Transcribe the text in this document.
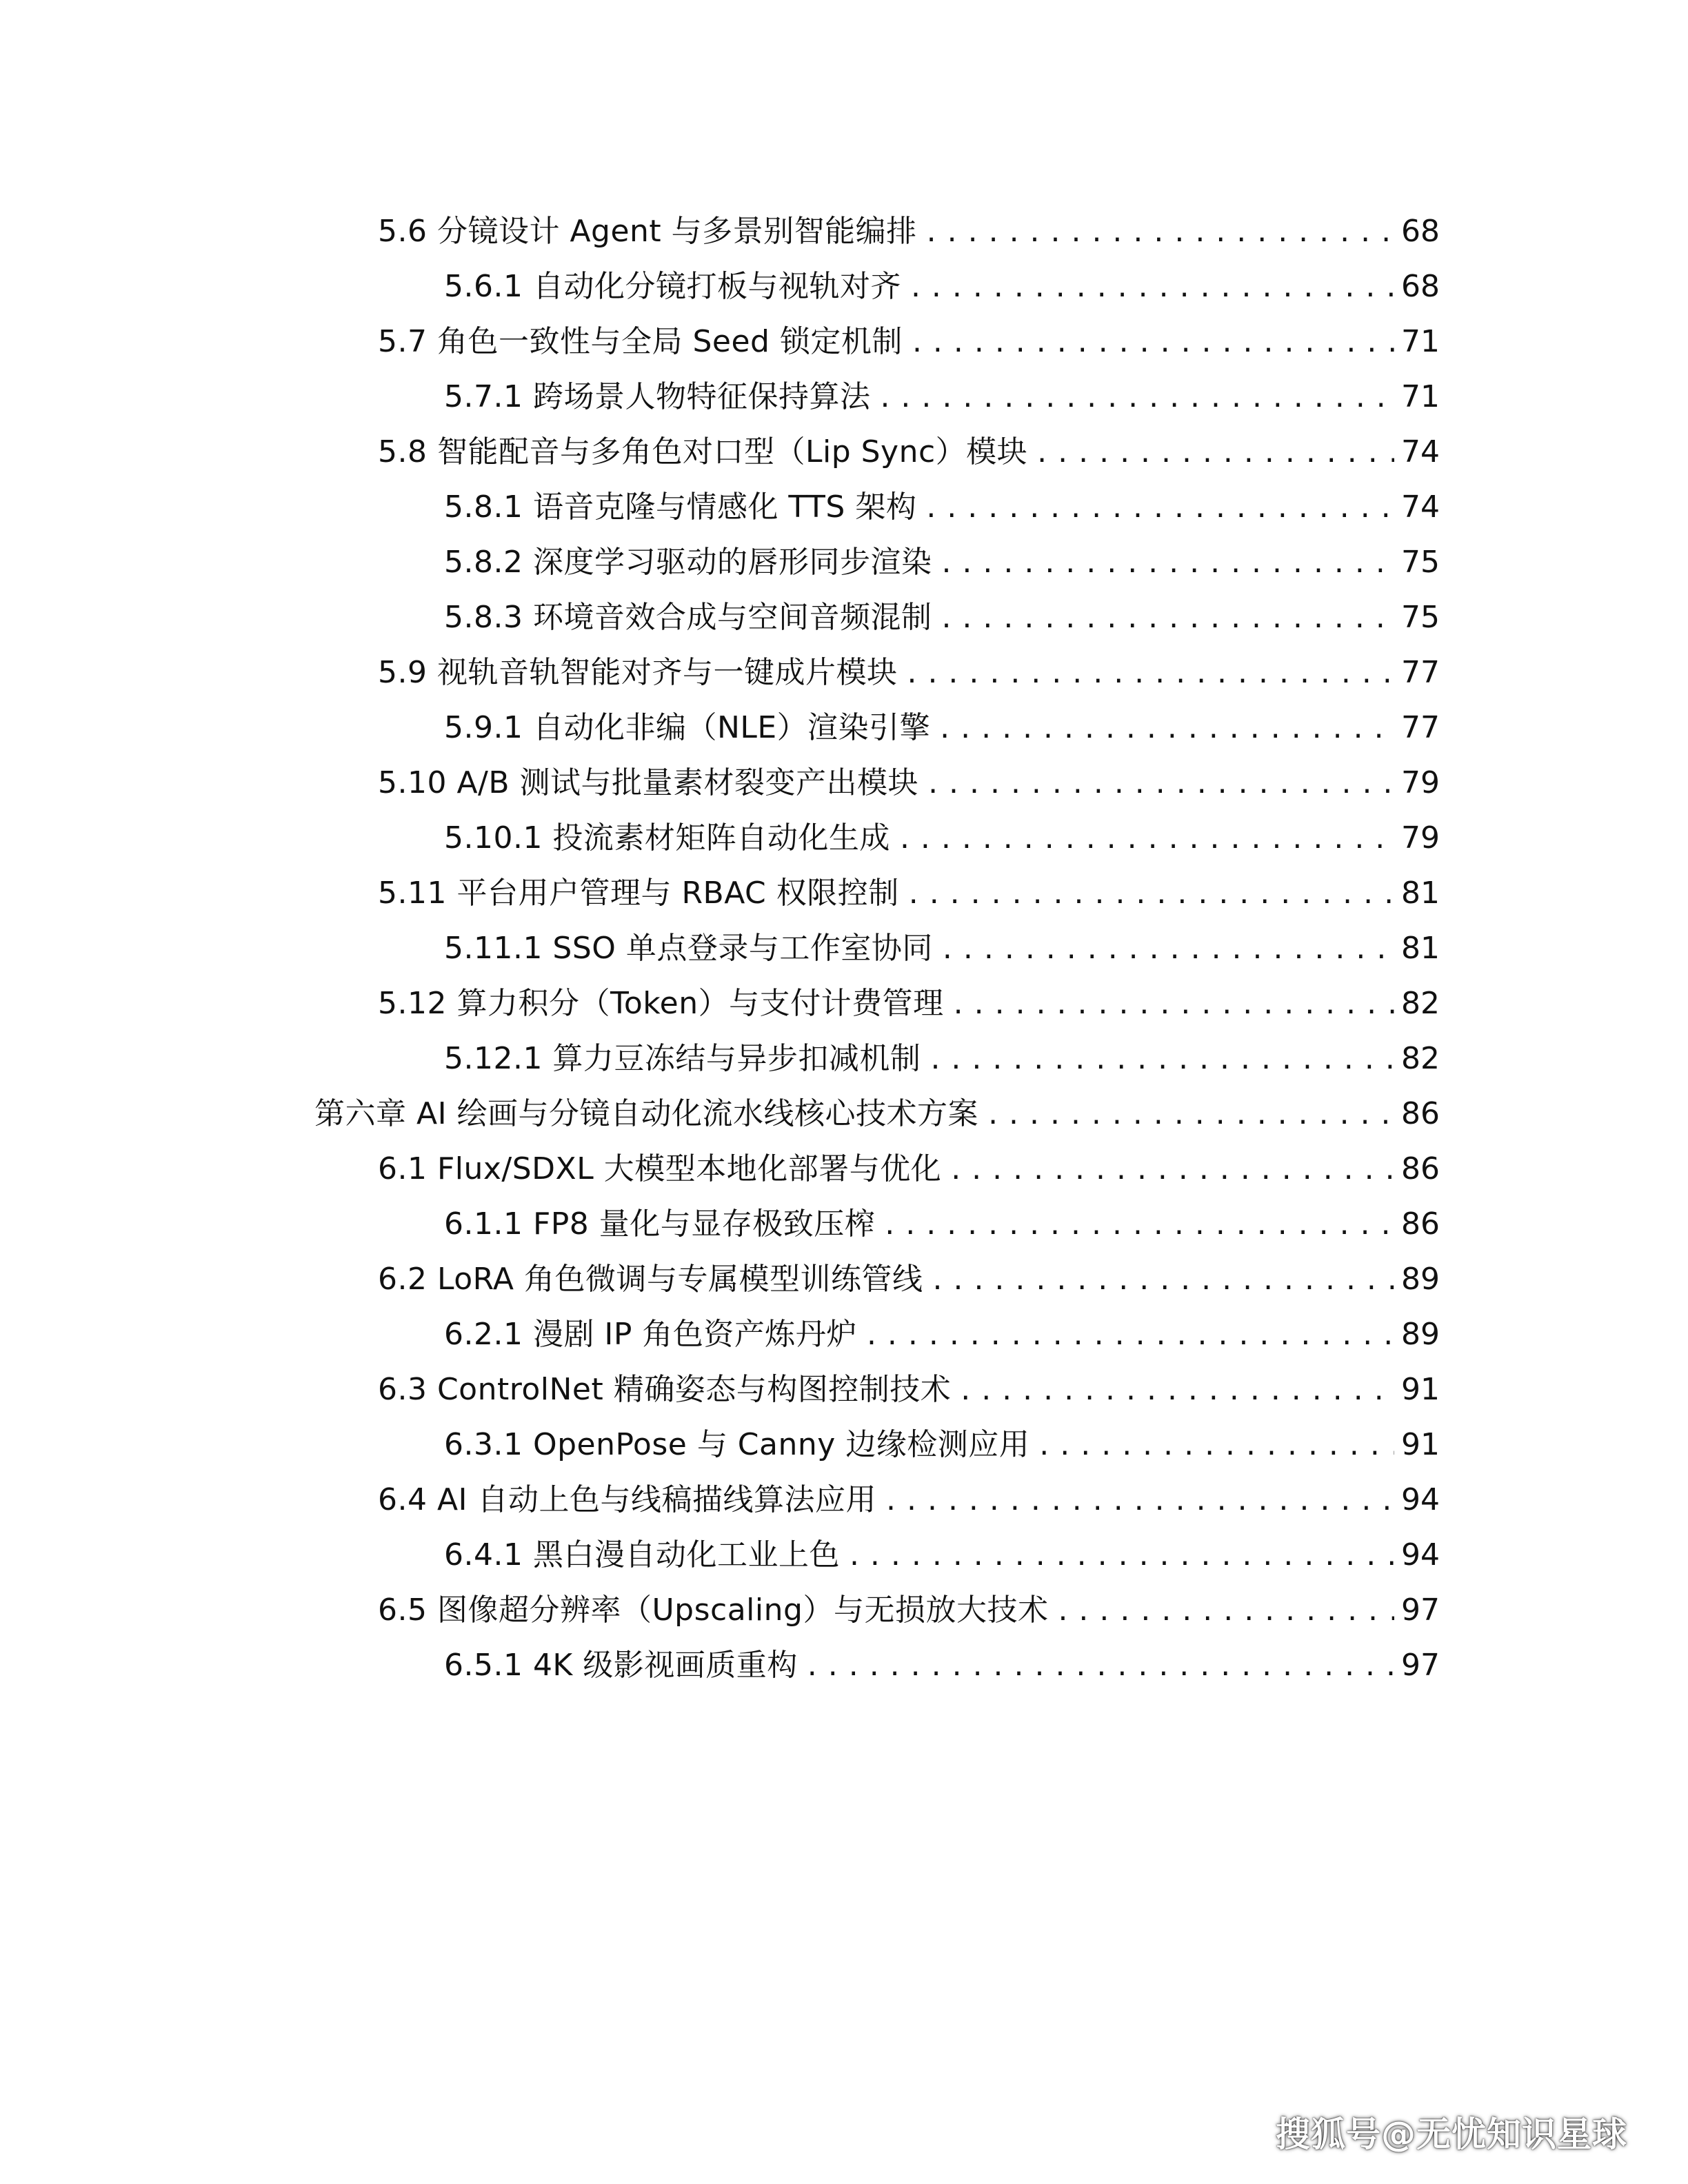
5.6 分镜设计 Agent 与多景别智能编排 . . .	68
5.6.1 自动化分镜打板与视轨对齐 . . .	68
5.7 角色一致性与全局 Seed 锁定机制 . . .	71
5.7.1 跨场景人物特征保持算法 . . .	71
5.8 智能配音与多角色对口型（Lip Sync）模块 . . .	74
5.8.1 语音克隆与情感化 TTS 架构 . . .	74
5.8.2 深度学习驱动的唇形同步渲染 . . .	75
5.8.3 环境音效合成与空间音频混制 . . .	75
5.9 视轨音轨智能对齐与一键成片模块 . . .	77
5.9.1 自动化非编（NLE）渲染引擎 . . .	77
5.10 A/B 测试与批量素材裂变产出模块 . . .	79
5.10.1 投流素材矩阵自动化生成 . . .	79
5.11 平台用户管理与 RBAC 权限控制 . . .	81
5.11.1 SSO 单点登录与工作室协同 . . .	81
5.12 算力积分（Token）与支付计费管理 . . .	82
5.12.1 算力豆冻结与异步扣减机制 . . .	82
第六章 AI 绘画与分镜自动化流水线核心技术方案 . . .	86
6.1 Flux/SDXL 大模型本地化部署与优化 . . .	86
6.1.1 FP8 量化与显存极致压榨 . . .	86
6.2 LoRA 角色微调与专属模型训练管线 . . .	89
6.2.1 漫剧 IP 角色资产炼丹炉 . . .	89
6.3 ControlNet 精确姿态与构图控制技术 . . .	91
6.3.1 OpenPose 与 Canny 边缘检测应用 . . .	91
6.4 AI 自动上色与线稿描线算法应用 . . .	94
6.4.1 黑白漫自动化工业上色 . . .	94
6.5 图像超分辨率（Upscaling）与无损放大技术 . . .	97
6.5.1 4K 级影视画质重构 . . .	97
搜狐号@无忧知识星球
